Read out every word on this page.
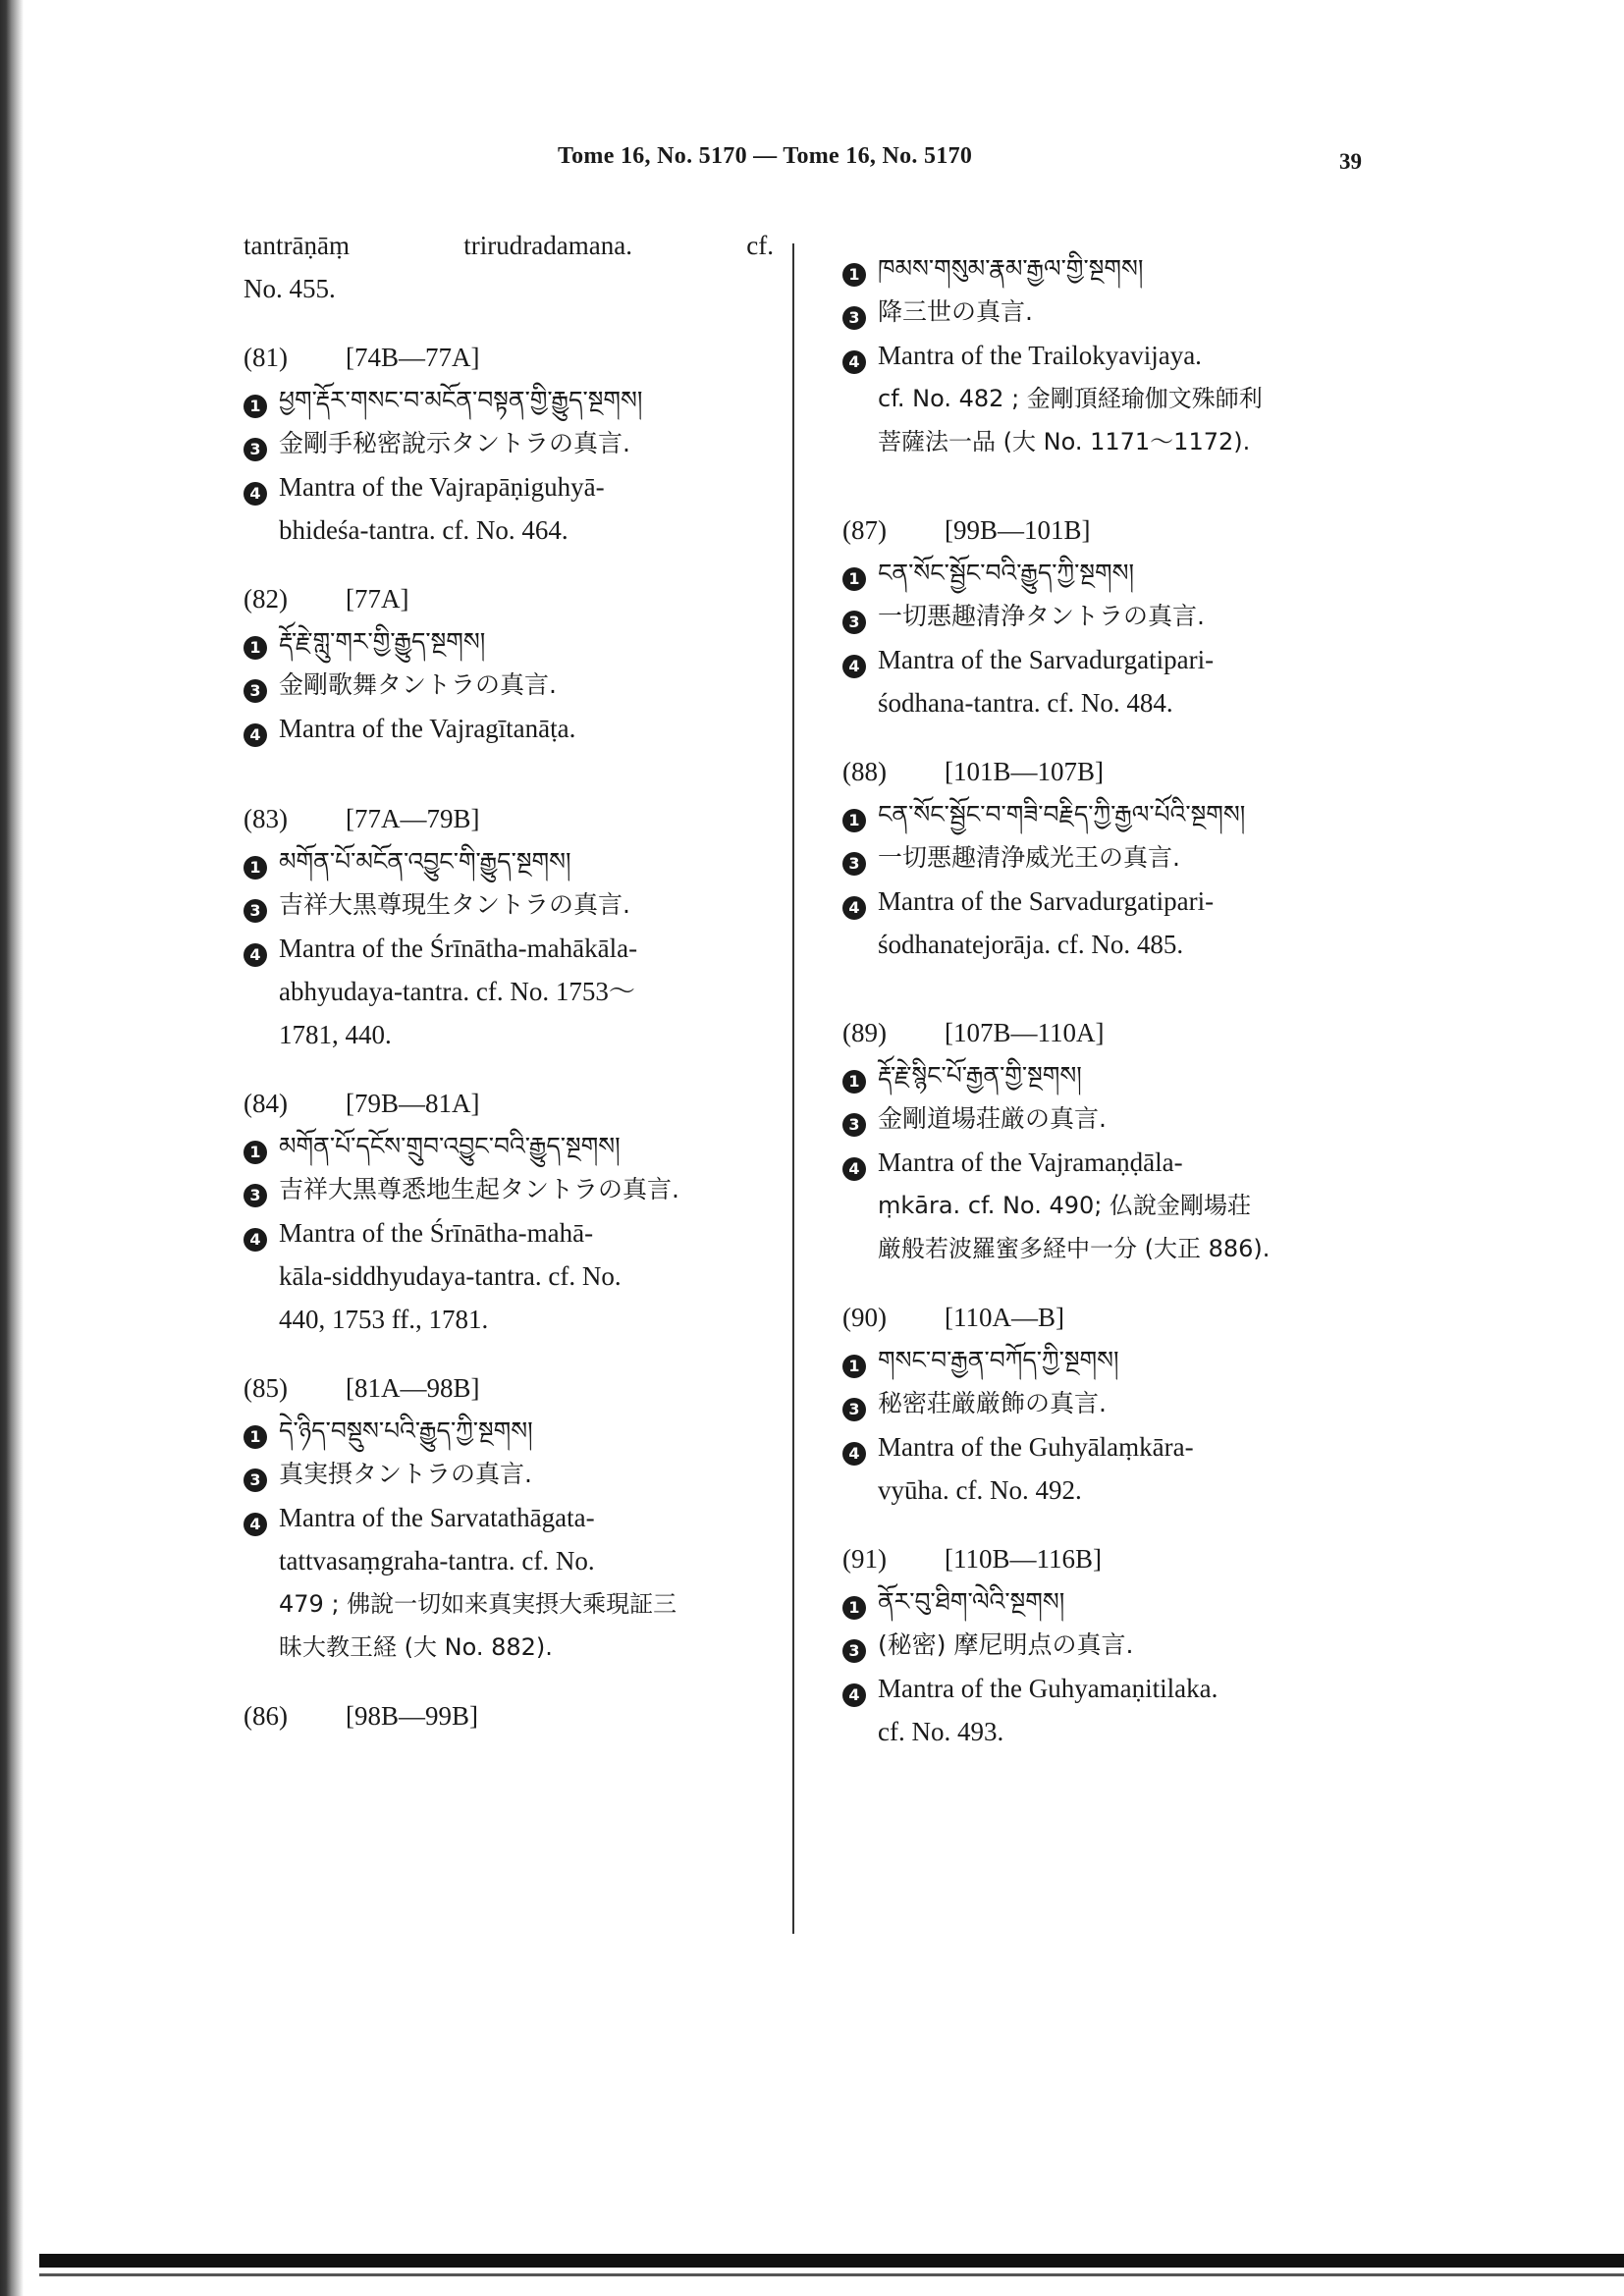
Tome 16, No. 5170 — Tome 16, No. 5170	39
tantrāṇāṃ trirudradamana. cf.
No. 455.
(81) [74B—77A]
1 ཕྱག་རྡོར་གསང་བ་མངོན་བསྟན་གྱི་རྒྱུད་སྔགས།
3 金剛手秘密說示タントラの真言.
4 Mantra of the Vajrapāṇiguhyā-
bhideśa-tantra. cf. No. 464.
(82) [77A]
1 རྡོ་རྗེ་གླུ་གར་གྱི་རྒྱུད་སྔགས།
3 金剛歌舞タントラの真言.
4 Mantra of the Vajragītanāṭa.
(83) [77A—79B]
1 མགོན་པོ་མངོན་འབྱུང་གི་རྒྱུད་སྔགས།
3 吉祥大黒尊現生タントラの真言.
4 Mantra of the Śrīnātha-mahākāla-
abhyudaya-tantra. cf. No. 1753～
1781, 440.
(84) [79B—81A]
1 མགོན་པོ་དངོས་གྲུབ་འབྱུང་བའི་རྒྱུད་སྔགས།
3 吉祥大黒尊悉地生起タントラの真言.
4 Mantra of the Śrīnātha-mahā-
kāla-siddhyudaya-tantra. cf. No.
440, 1753 ff., 1781.
(85) [81A—98B]
1 དེ་ཉིད་བསྡུས་པའི་རྒྱུད་ཀྱི་སྔགས།
3 真実摂タントラの真言.
4 Mantra of the Sarvatathāgata-
tattvasaṃgraha-tantra. cf. No.
479 ; 佛說一切如来真実摂大乘現証三
昧大教王経 (大 No. 882).
(86) [98B—99B]
1 ཁམས་གསུམ་རྣམ་རྒྱལ་གྱི་སྔགས།
3 降三世の真言.
4 Mantra of the Trailokyavijaya.
cf. No. 482 ; 金剛頂経瑜伽文殊師利
菩薩法一品 (大 No. 1171～1172).
(87) [99B—101B]
1 ངན་སོང་སྦྱོང་བའི་རྒྱུད་ཀྱི་སྔགས།
3 一切悪趣清浄タントラの真言.
4 Mantra of the Sarvadurgatipari-
śodhana-tantra. cf. No. 484.
(88) [101B—107B]
1 ངན་སོང་སྦྱོང་བ་གཟི་བརྗིད་ཀྱི་རྒྱལ་པོའི་སྔགས།
3 一切悪趣清浄威光王の真言.
4 Mantra of the Sarvadurgatipari-
śodhanatejorāja. cf. No. 485.
(89) [107B—110A]
1 རྡོ་རྗེ་སྙིང་པོ་རྒྱན་གྱི་སྔགས།
3 金剛道場荘厳の真言.
4 Mantra of the Vajramaṇḍāla-
ṃkāra. cf. No. 490; 仏說金剛場荘
厳般若波羅蜜多経中一分 (大正 886).
(90) [110A—B]
1 གསང་བ་རྒྱན་བཀོད་ཀྱི་སྔགས།
3 秘密荘厳厳飾の真言.
4 Mantra of the Guhyālaṃkāra-
vyūha. cf. No. 492.
(91) [110B—116B]
1 ནོར་བུ་ཐིག་ལེའི་སྔགས།
3 (秘密) 摩尼明点の真言.
4 Mantra of the Guhyamaṇitilaka.
cf. No. 493.
